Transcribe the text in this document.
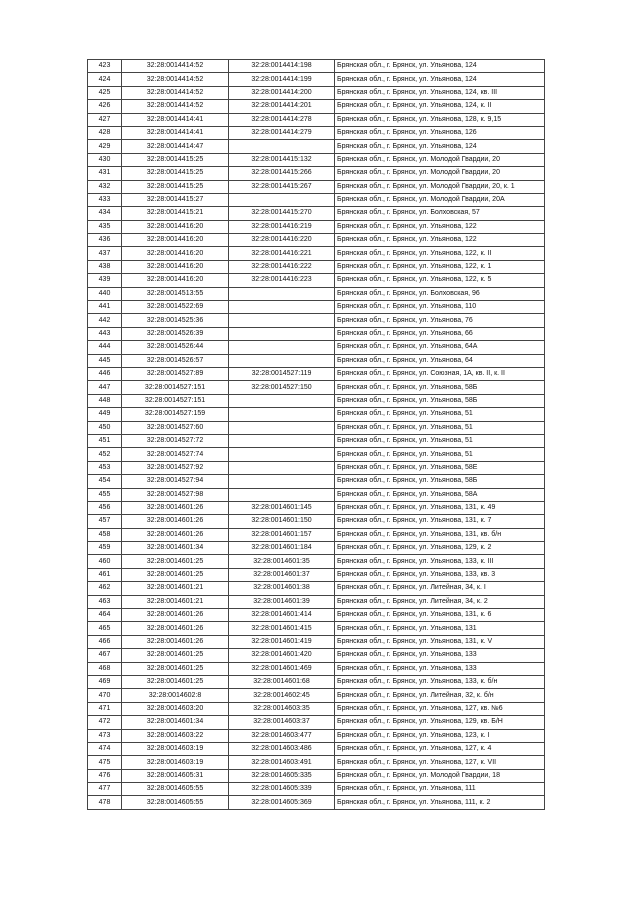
423	32:28:0014414:52	32:28:0014414:198	Брянская обл., г. Брянск, ул. Ульянова, 124
424	32:28:0014414:52	32:28:0014414:199	Брянская обл., г. Брянск, ул. Ульянова, 124
425	32:28:0014414:52	32:28:0014414:200	Брянская обл., г. Брянск, ул. Ульянова, 124, кв. III
426	32:28:0014414:52	32:28:0014414:201	Брянская обл., г. Брянск, ул. Ульянова, 124, к. II
427	32:28:0014414:41	32:28:0014414:278	Брянская обл., г. Брянск, ул. Ульянова, 128, к. 9,15
428	32:28:0014414:41	32:28:0014414:279	Брянская обл., г. Брянск, ул. Ульянова, 126
429	32:28:0014414:47		Брянская обл., г. Брянск, ул. Ульянова, 124
430	32:28:0014415:25	32:28:0014415:132	Брянская обл., г. Брянск, ул. Молодой Гвардии, 20
431	32:28:0014415:25	32:28:0014415:266	Брянская обл., г. Брянск, ул. Молодой Гвардии, 20
432	32:28:0014415:25	32:28:0014415:267	Брянская обл., г. Брянск, ул. Молодой Гвардии, 20, к. 1
433	32:28:0014415:27		Брянская обл., г. Брянск, ул. Молодой Гвардии, 20А
434	32:28:0014415:21	32:28:0014415:270	Брянская обл., г. Брянск, ул. Болховская, 57
435	32:28:0014416:20	32:28:0014416:219	Брянская обл., г. Брянск, ул. Ульянова, 122
436	32:28:0014416:20	32:28:0014416:220	Брянская обл., г. Брянск, ул. Ульянова, 122
437	32:28:0014416:20	32:28:0014416:221	Брянская обл., г. Брянск, ул. Ульянова, 122, к. II
438	32:28:0014416:20	32:28:0014416:222	Брянская обл., г. Брянск, ул. Ульянова, 122, к. 1
439	32:28:0014416:20	32:28:0014416:223	Брянская обл., г. Брянск, ул. Ульянова, 122, к. 5
440	32:28:0014513:55		Брянская обл., г. Брянск, ул. Болховская, 96
441	32:28:0014522:69		Брянская обл., г. Брянск, ул. Ульянова, 110
442	32:28:0014525:36		Брянская обл., г. Брянск, ул. Ульянова, 76
443	32:28:0014526:39		Брянская обл., г. Брянск, ул. Ульянова, 66
444	32:28:0014526:44		Брянская обл., г. Брянск, ул. Ульянова, 64А
445	32:28:0014526:57		Брянская обл., г. Брянск, ул. Ульянова, 64
446	32:28:0014527:89	32:28:0014527:119	Брянская обл., г. Брянск, ул. Союзная, 1А, кв. II, к. II
447	32:28:0014527:151	32:28:0014527:150	Брянская обл., г. Брянск, ул. Ульянова, 58Б
448	32:28:0014527:151		Брянская обл., г. Брянск, ул. Ульянова, 58Б
449	32:28:0014527:159		Брянская обл., г. Брянск, ул. Ульянова, 51
450	32:28:0014527:60		Брянская обл., г. Брянск, ул. Ульянова, 51
451	32:28:0014527:72		Брянская обл., г. Брянск, ул. Ульянова, 51
452	32:28:0014527:74		Брянская обл., г. Брянск, ул. Ульянова, 51
453	32:28:0014527:92		Брянская обл., г. Брянск, ул. Ульянова, 58Е
454	32:28:0014527:94		Брянская обл., г. Брянск, ул. Ульянова, 58Б
455	32:28:0014527:98		Брянская обл., г. Брянск, ул. Ульянова, 58А
456	32:28:0014601:26	32:28:0014601:145	Брянская обл., г. Брянск, ул. Ульянова, 131, к. 49
457	32:28:0014601:26	32:28:0014601:150	Брянская обл., г. Брянск, ул. Ульянова, 131, к. 7
458	32:28:0014601:26	32:28:0014601:157	Брянская обл., г. Брянск, ул. Ульянова, 131, кв. б/н
459	32:28:0014601:34	32:28:0014601:184	Брянская обл., г. Брянск, ул. Ульянова, 129, к. 2
460	32:28:0014601:25	32:28:0014601:35	Брянская обл., г. Брянск, ул. Ульянова, 133, к. III
461	32:28:0014601:25	32:28:0014601:37	Брянская обл., г. Брянск, ул. Ульянова, 133, кв. 3
462	32:28:0014601:21	32:28:0014601:38	Брянская обл., г. Брянск, ул. Литейная, 34, к. I
463	32:28:0014601:21	32:28:0014601:39	Брянская обл., г. Брянск, ул. Литейная, 34, к. 2
464	32:28:0014601:26	32:28:0014601:414	Брянская обл., г. Брянск, ул. Ульянова, 131, к. 6
465	32:28:0014601:26	32:28:0014601:415	Брянская обл., г. Брянск, ул. Ульянова, 131
466	32:28:0014601:26	32:28:0014601:419	Брянская обл., г. Брянск, ул. Ульянова, 131, к. V
467	32:28:0014601:25	32:28:0014601:420	Брянская обл., г. Брянск, ул. Ульянова, 133
468	32:28:0014601:25	32:28:0014601:469	Брянская обл., г. Брянск, ул. Ульянова, 133
469	32:28:0014601:25	32:28:0014601:68	Брянская обл., г. Брянск, ул. Ульянова, 133, к. б/н
470	32:28:0014602:8	32:28:0014602:45	Брянская обл., г. Брянск, ул. Литейная, 32, к. б/н
471	32:28:0014603:20	32:28:0014603:35	Брянская обл., г. Брянск, ул. Ульянова, 127, кв. №6
472	32:28:0014601:34	32:28:0014603:37	Брянская обл., г. Брянск, ул. Ульянова, 129, кв. Б/Н
473	32:28:0014603:22	32:28:0014603:477	Брянская обл., г. Брянск, ул. Ульянова, 123, к. I
474	32:28:0014603:19	32:28:0014603:486	Брянская обл., г. Брянск, ул. Ульянова, 127, к. 4
475	32:28:0014603:19	32:28:0014603:491	Брянская обл., г. Брянск, ул. Ульянова, 127, к. VII
476	32:28:0014605:31	32:28:0014605:335	Брянская обл., г. Брянск, ул. Молодой Гвардии, 18
477	32:28:0014605:55	32:28:0014605:339	Брянская обл., г. Брянск, ул. Ульянова, 111
478	32:28:0014605:55	32:28:0014605:369	Брянская обл., г. Брянск, ул. Ульянова, 111, к. 2
